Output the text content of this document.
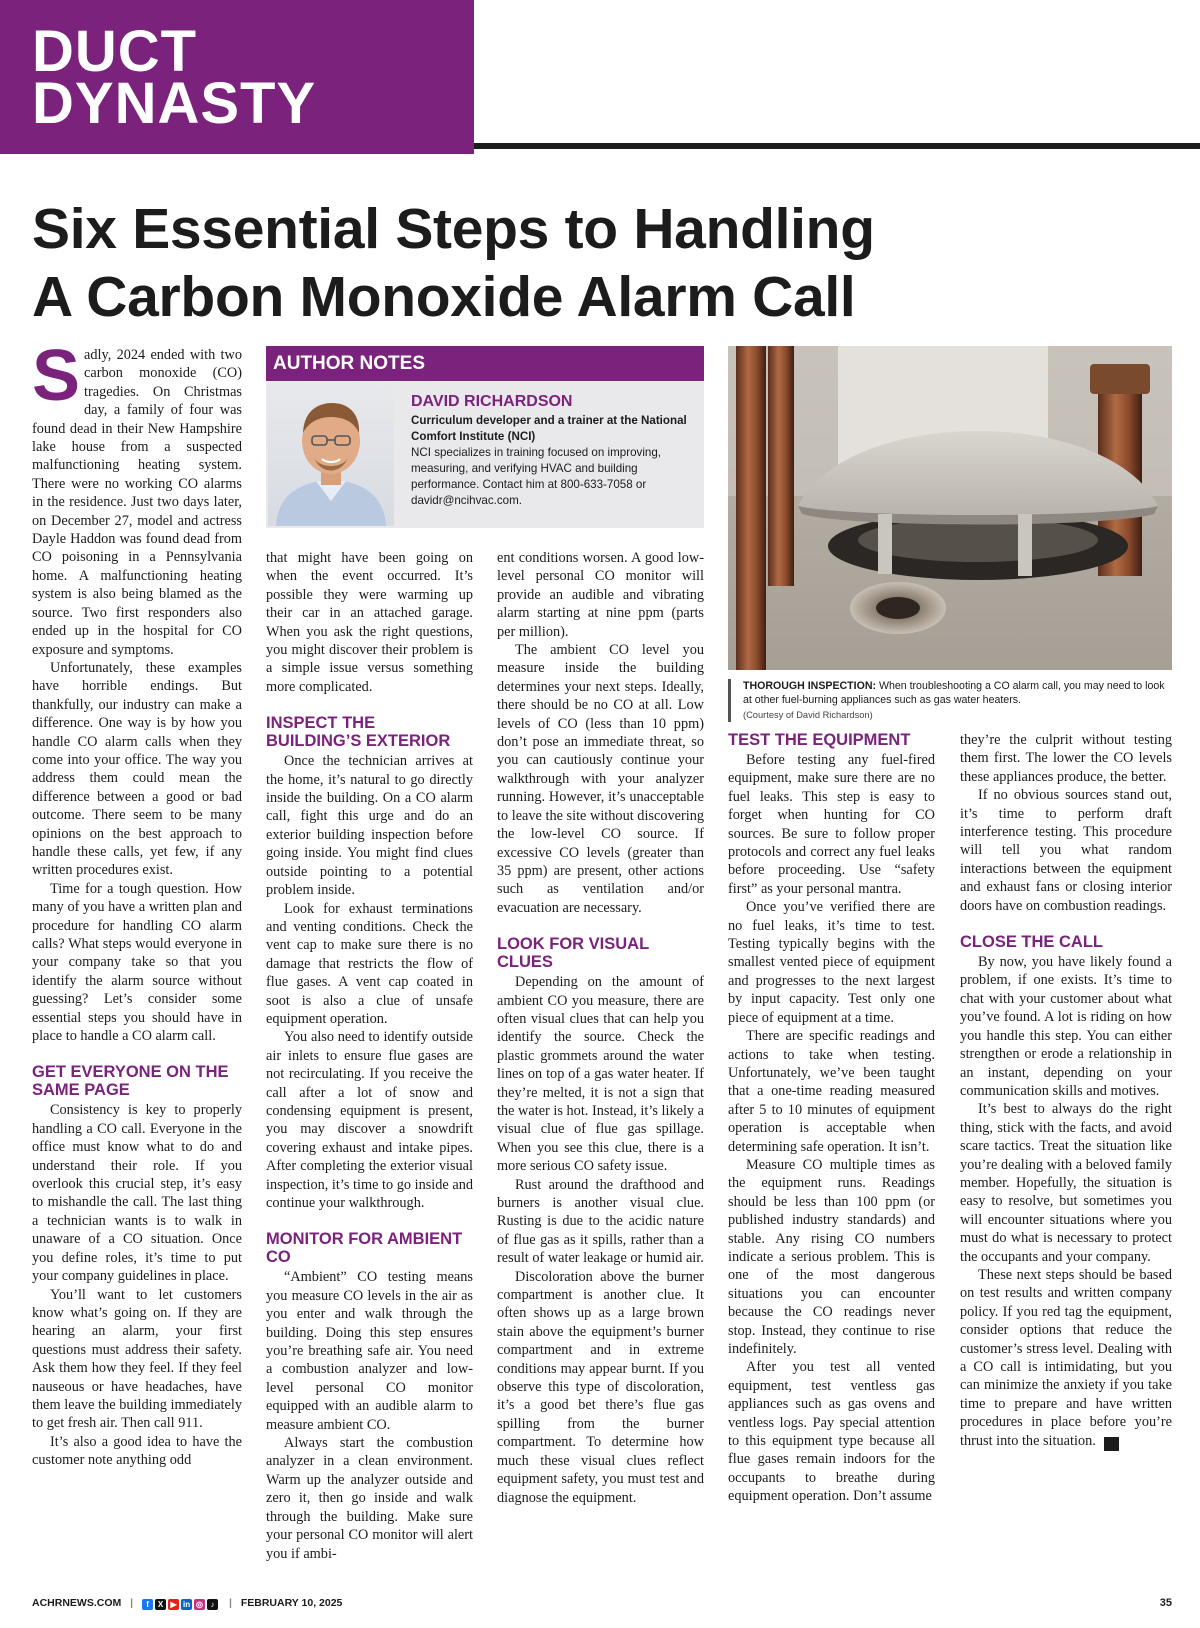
DUCT
DYNASTY
Six Essential Steps to Handling
A Carbon Monoxide Alarm Call

Sadly, 2024 ended with two carbon monoxide (CO) tragedies. On Christmas day, a family of four was found dead in their New Hampshire lake house from a suspected malfunctioning heating system. There were no working CO alarms in the residence. Just two days later, on December 27, model and actress Dayle Haddon was found dead from CO poisoning in a Pennsylvania home. A malfunctioning heating system is also being blamed as the source. Two first responders also ended up in the hospital for CO exposure and symptoms.

Unfortunately, these examples have horrible endings. But thankfully, our industry can make a difference. One way is by how you handle CO alarm calls when they come into your office. The way you address them could mean the difference between a good or bad outcome. There seem to be many opinions on the best approach to handle these calls, yet few, if any written procedures exist.

Time for a tough question. How many of you have a written plan and procedure for handling CO alarm calls? What steps would everyone in your company take so that you identify the alarm source without guessing? Let’s consider some essential steps you should have in place to handle a CO alarm call.

GET EVERYONE ON THE SAME PAGE

Consistency is key to properly handling a CO call. Everyone in the office must know what to do and understand their role. If you overlook this crucial step, it’s easy to mishandle the call. The last thing a technician wants is to walk in unaware of a CO situation. Once you define roles, it’s time to put your company guidelines in place.

You’ll want to let customers know what’s going on. If they are hearing an alarm, your first questions must address their safety. Ask them how they feel. If they feel nauseous or have headaches, have them leave the building immediately to get fresh air. Then call 911.

It’s also a good idea to have the customer note anything odd

AUTHOR NOTES
DAVID RICHARDSON
Curriculum developer and a trainer at the National Comfort Institute (NCI)
NCI specializes in training focused on improving, measuring, and verifying HVAC and building performance. Contact him at 800-633-7058 or davidr@ncihvac.com.

that might have been going on when the event occurred. It’s possible they were warming up their car in an attached garage. When you ask the right questions, you might discover their problem is a simple issue versus something more complicated.

INSPECT THE BUILDING’S EXTERIOR

Once the technician arrives at the home, it’s natural to go directly inside the building. On a CO alarm call, fight this urge and do an exterior building inspection before going inside. You might find clues outside pointing to a potential problem inside.

Look for exhaust terminations and venting conditions. Check the vent cap to make sure there is no damage that restricts the flow of flue gases. A vent cap coated in soot is also a clue of unsafe equipment operation.

You also need to identify outside air inlets to ensure flue gases are not recirculating. If you receive the call after a lot of snow and condensing equipment is present, you may discover a snowdrift covering exhaust and intake pipes. After completing the exterior visual inspection, it’s time to go inside and continue your walkthrough.

MONITOR FOR AMBIENT CO

“Ambient” CO testing means you measure CO levels in the air as you enter and walk through the building. Doing this step ensures you’re breathing safe air. You need a combustion analyzer and low-level personal CO monitor equipped with an audible alarm to measure ambient CO.

Always start the combustion analyzer in a clean environment. Warm up the analyzer outside and zero it, then go inside and walk through the building. Make sure your personal CO monitor will alert you if ambi-

ent conditions worsen. A good low-level personal CO monitor will provide an audible and vibrating alarm starting at nine ppm (parts per million).

The ambient CO level you measure inside the building determines your next steps. Ideally, there should be no CO at all. Low levels of CO (less than 10 ppm) don’t pose an immediate threat, so you can cautiously continue your walkthrough with your analyzer running. However, it’s unacceptable to leave the site without discovering the low-level CO source. If excessive CO levels (greater than 35 ppm) are present, other actions such as ventilation and/or evacuation are necessary.

LOOK FOR VISUAL CLUES

Depending on the amount of ambient CO you measure, there are often visual clues that can help you identify the source. Check the plastic grommets around the water lines on top of a gas water heater. If they’re melted, it is not a sign that the water is hot. Instead, it’s likely a visual clue of flue gas spillage. When you see this clue, there is a more serious CO safety issue.

Rust around the drafthood and burners is another visual clue. Rusting is due to the acidic nature of flue gas as it spills, rather than a result of water leakage or humid air.

Discoloration above the burner compartment is another clue. It often shows up as a large brown stain above the equipment’s burner compartment and in extreme conditions may appear burnt. If you observe this type of discoloration, it’s a good bet there’s flue gas spilling from the burner compartment. To determine how much these visual clues reflect equipment safety, you must test and diagnose the equipment.

THOROUGH INSPECTION: When troubleshooting a CO alarm call, you may need to look at other fuel-burning appliances such as gas water heaters.
(Courtesy of David Richardson)
TEST THE EQUIPMENT

Before testing any fuel-fired equipment, make sure there are no fuel leaks. This step is easy to forget when hunting for CO sources. Be sure to follow proper protocols and correct any fuel leaks before proceeding. Use “safety first” as your personal mantra.

Once you’ve verified there are no fuel leaks, it’s time to test. Testing typically begins with the smallest vented piece of equipment and progresses to the next largest by input capacity. Test only one piece of equipment at a time.

There are specific readings and actions to take when testing. Unfortunately, we’ve been taught that a one-time reading measured after 5 to 10 minutes of equipment operation is acceptable when determining safe operation. It isn’t.

Measure CO multiple times as the equipment runs. Readings should be less than 100 ppm (or published industry standards) and stable. Any rising CO numbers indicate a serious problem. This is one of the most dangerous situations you can encounter because the CO readings never stop. Instead, they continue to rise indefinitely.

After you test all vented equipment, test ventless gas appliances such as gas ovens and ventless logs. Pay special attention to this equipment type because all flue gases remain indoors for the occupants to breathe during equipment operation. Don’t assume

they’re the culprit without testing them first. The lower the CO levels these appliances produce, the better.

If no obvious sources stand out, it’s time to perform draft interference testing. This procedure will tell you what random interactions between the equipment and exhaust fans or closing interior doors have on combustion readings.

CLOSE THE CALL

By now, you have likely found a problem, if one exists. It’s time to chat with your customer about what you’ve found. A lot is riding on how you handle this step. You can either strengthen or erode a relationship in an instant, depending on your communication skills and motives.

It’s best to always do the right thing, stick with the facts, and avoid scare tactics. Treat the situation like you’re dealing with a beloved family member. Hopefully, the situation is easy to resolve, but sometimes you will encounter situations where you must do what is necessary to protect the occupants and your company.

These next steps should be based on test results and written company policy. If you red tag the equipment, consider options that reduce the customer’s stress level. Dealing with a CO call is intimidating, but you can minimize the anxiety if you take time to prepare and have written procedures in place before you’re thrust into the situation. N

ACHRNEWS.COM | f X ▶ in ◎ ♪ | FEBRUARY 10, 2025	35
